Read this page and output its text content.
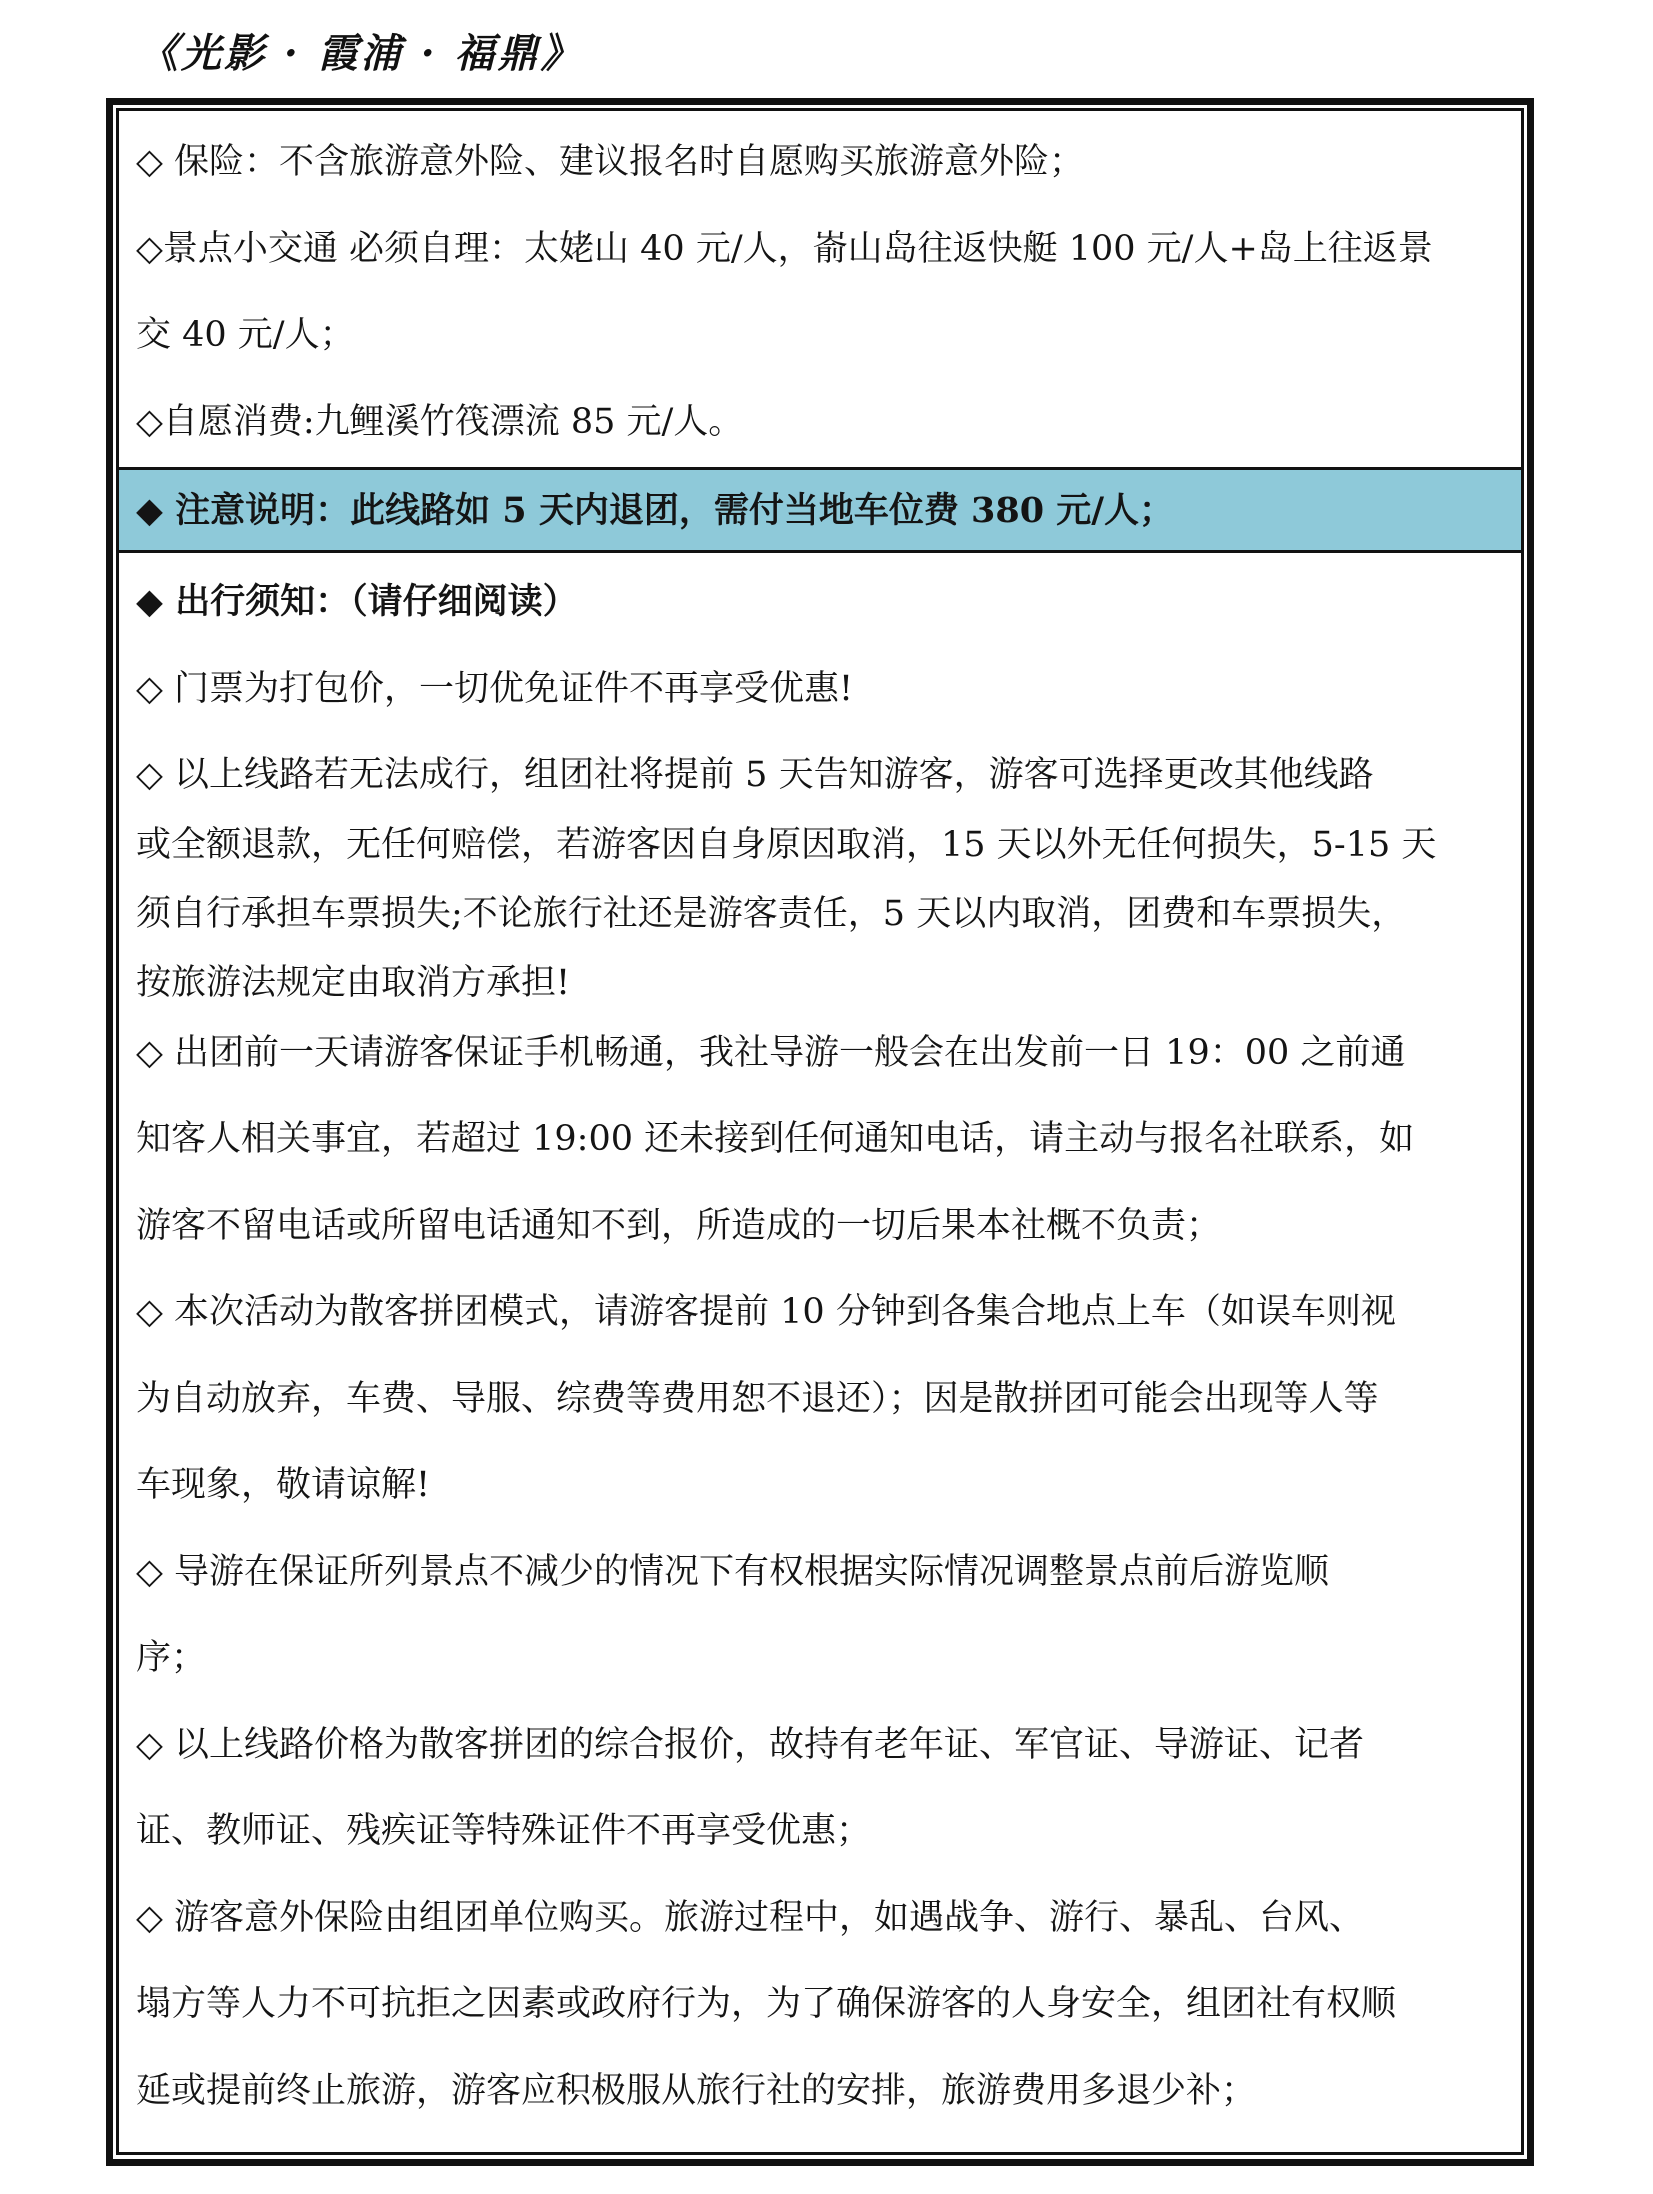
《光影 · 霞浦 · 福鼎》
◇ 保险：不含旅游意外险、建议报名时自愿购买旅游意外险；
◇景点小交通 必须自理：太姥山 40 元/人，嵛山岛往返快艇 100 元/人+岛上往返景
交 40 元/人；
◇自愿消费:九鲤溪竹筏漂流 85 元/人。
◆ 注意说明：此线路如 5 天内退团，需付当地车位费 380 元/人；
◆ 出行须知：（请仔细阅读）
◇ 门票为打包价，一切优免证件不再享受优惠!
◇ 以上线路若无法成行，组团社将提前 5 天告知游客，游客可选择更改其他线路
或全额退款，无任何赔偿，若游客因自身原因取消，15 天以外无任何损失，5-15 天
须自行承担车票损失;不论旅行社还是游客责任，5 天以内取消，团费和车票损失，
按旅游法规定由取消方承担!
◇ 出团前一天请游客保证手机畅通，我社导游一般会在出发前一日 19：00 之前通
知客人相关事宜，若超过 19:00 还未接到任何通知电话，请主动与报名社联系，如
游客不留电话或所留电话通知不到，所造成的一切后果本社概不负责；
◇ 本次活动为散客拼团模式，请游客提前 10 分钟到各集合地点上车（如误车则视
为自动放弃，车费、导服、综费等费用恕不退还）；因是散拼团可能会出现等人等
车现象，敬请谅解!
◇ 导游在保证所列景点不减少的情况下有权根据实际情况调整景点前后游览顺
序；
◇ 以上线路价格为散客拼团的综合报价，故持有老年证、军官证、导游证、记者
证、教师证、残疾证等特殊证件不再享受优惠；
◇ 游客意外保险由组团单位购买。旅游过程中，如遇战争、游行、暴乱、台风、
塌方等人力不可抗拒之因素或政府行为，为了确保游客的人身安全，组团社有权顺
延或提前终止旅游，游客应积极服从旅行社的安排，旅游费用多退少补；
